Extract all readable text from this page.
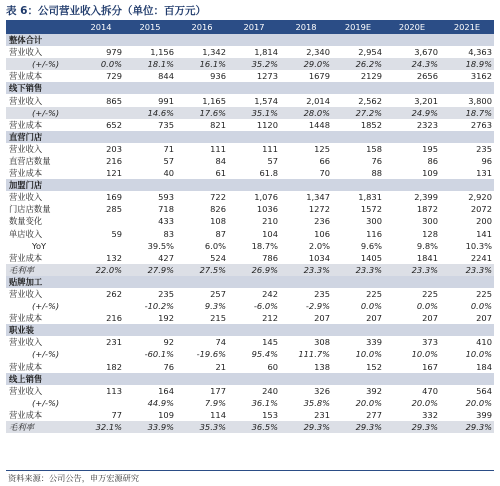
表 6：公司营业收入拆分（单位：百万元）
	2014	2015	2016	2017	2018	2019E	2020E	2021E
整体合计								
营业收入	979	1,156	1,342	1,814	2,340	2,954	3,670	4,363
(+/-%)	0.0%	18.1%	16.1%	35.2%	29.0%	26.2%	24.3%	18.9%
营业成本	729	844	936	1273	1679	2129	2656	3162
线下销售								
营业收入	865	991	1,165	1,574	2,014	2,562	3,201	3,800
(+/-%)		14.6%	17.6%	35.1%	28.0%	27.2%	24.9%	18.7%
营业成本	652	735	821	1120	1448	1852	2323	2763
直营门店								
营业收入	203	71	111	111	125	158	195	235
直营店数量	216	57	84	57	66	76	86	96
营业成本	121	40	61	61.8	70	88	109	131
加盟门店								
营业收入	169	593	722	1,076	1,347	1,831	2,399	2,920
门店店数量	285	718	826	1036	1272	1572	1872	2072
数量变化		433	108	210	236	300	300	200
单店收入	59	83	87	104	106	116	128	141
YoY		39.5%	6.0%	18.7%	2.0%	9.6%	9.8%	10.3%
营业成本	132	427	524	786	1034	1405	1841	2241
毛利率	22.0%	27.9%	27.5%	26.9%	23.3%	23.3%	23.3%	23.3%
贴牌加工								
营业收入	262	235	257	242	235	225	225	225
(+/-%)		-10.2%	9.3%	-6.0%	-2.9%	0.0%	0.0%	0.0%
营业成本	216	192	215	212	207	207	207	207
职业装								
营业收入	231	92	74	145	308	339	373	410
(+/-%)		-60.1%	-19.6%	95.4%	111.7%	10.0%	10.0%	10.0%
营业成本	182	76	21	60	138	152	167	184
线上销售								
营业收入	113	164	177	240	326	392	470	564
(+/-%)		44.9%	7.9%	36.1%	35.8%	20.0%	20.0%	20.0%
营业成本	77	109	114	153	231	277	332	399
毛利率	32.1%	33.9%	35.3%	36.5%	29.3%	29.3%	29.3%	29.3%
资料来源：公司公告，申万宏源研究
